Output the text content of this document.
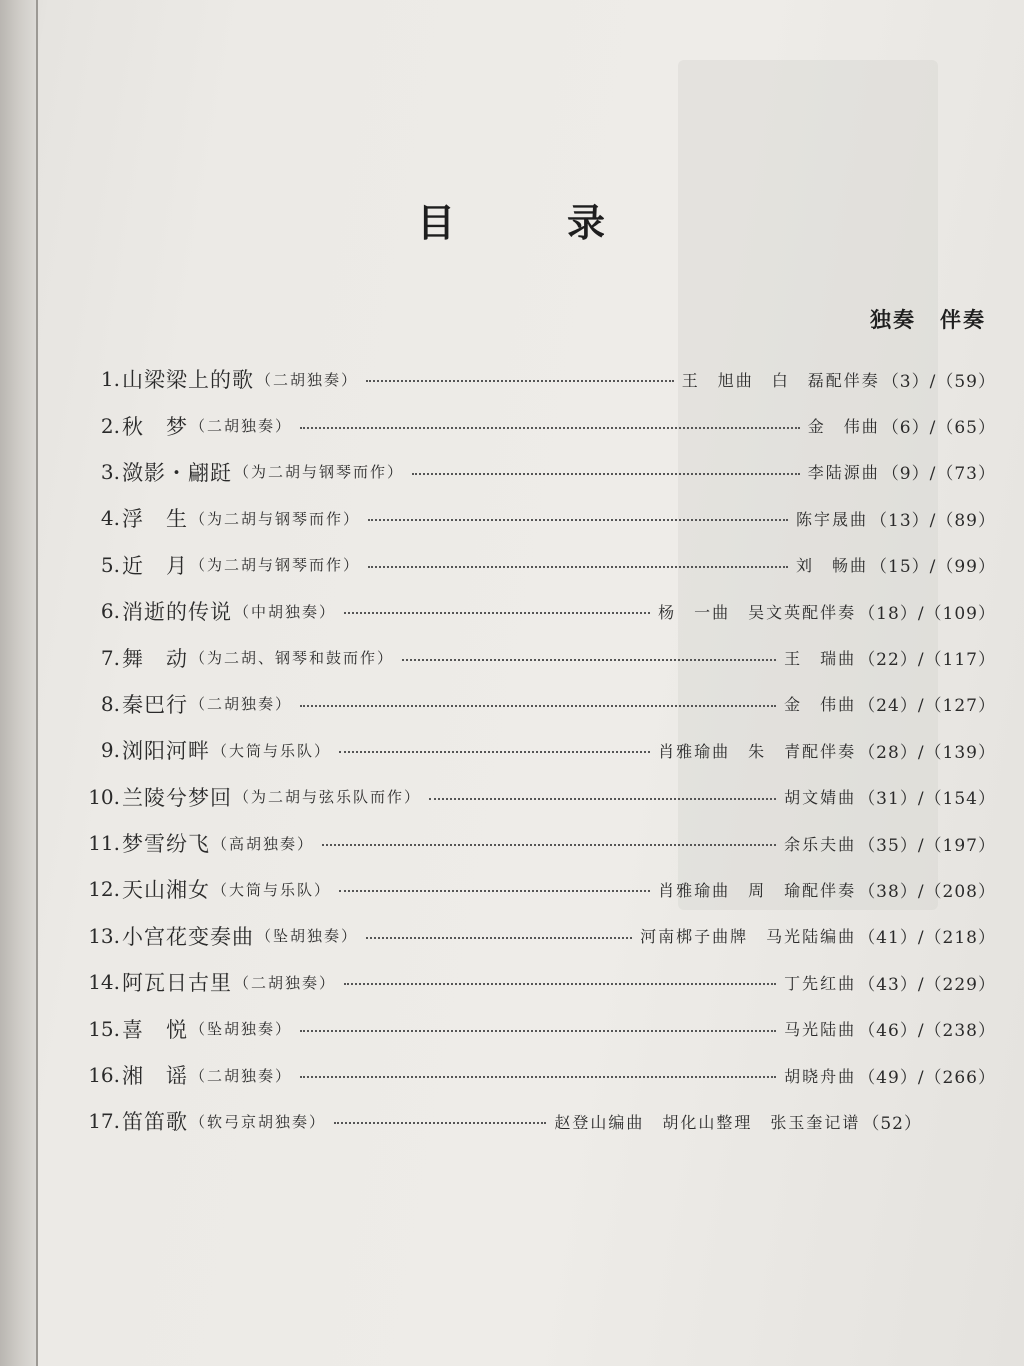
目	录
独奏 伴奏
1. 山梁梁上的歌 （二胡独奏）	王　旭曲　白　磊配伴奏 （3）/（59）
2. 秋　梦 （二胡独奏）	金　伟曲 （6）/（65）
3. 潋影・翩跹 （为二胡与钢琴而作）	李陆源曲 （9）/（73）
4. 浮　生 （为二胡与钢琴而作）	陈宇晟曲 （13）/（89）
5. 近　月 （为二胡与钢琴而作）	刘　畅曲 （15）/（99）
6. 消逝的传说 （中胡独奏）	杨　一曲　吴文英配伴奏 （18）/（109）
7. 舞　动 （为二胡、钢琴和鼓而作）	王　瑞曲 （22）/（117）
8. 秦巴行 （二胡独奏）	金　伟曲 （24）/（127）
9. 浏阳河畔 （大筒与乐队）	肖雅瑜曲　朱　青配伴奏 （28）/（139）
10. 兰陵兮梦回 （为二胡与弦乐队而作）	胡文婧曲 （31）/（154）
11. 梦雪纷飞 （高胡独奏）	余乐夫曲 （35）/（197）
12. 天山湘女 （大筒与乐队）	肖雅瑜曲　周　瑜配伴奏 （38）/（208）
13. 小宫花变奏曲 （坠胡独奏）	河南梆子曲牌　马光陆编曲 （41）/（218）
14. 阿瓦日古里 （二胡独奏）	丁先红曲 （43）/（229）
15. 喜　悦 （坠胡独奏）	马光陆曲 （46）/（238）
16. 湘　谣 （二胡独奏）	胡晓舟曲 （49）/（266）
17. 笛笛歌 （软弓京胡独奏）	赵登山编曲　胡化山整理　张玉奎记谱 （52）
